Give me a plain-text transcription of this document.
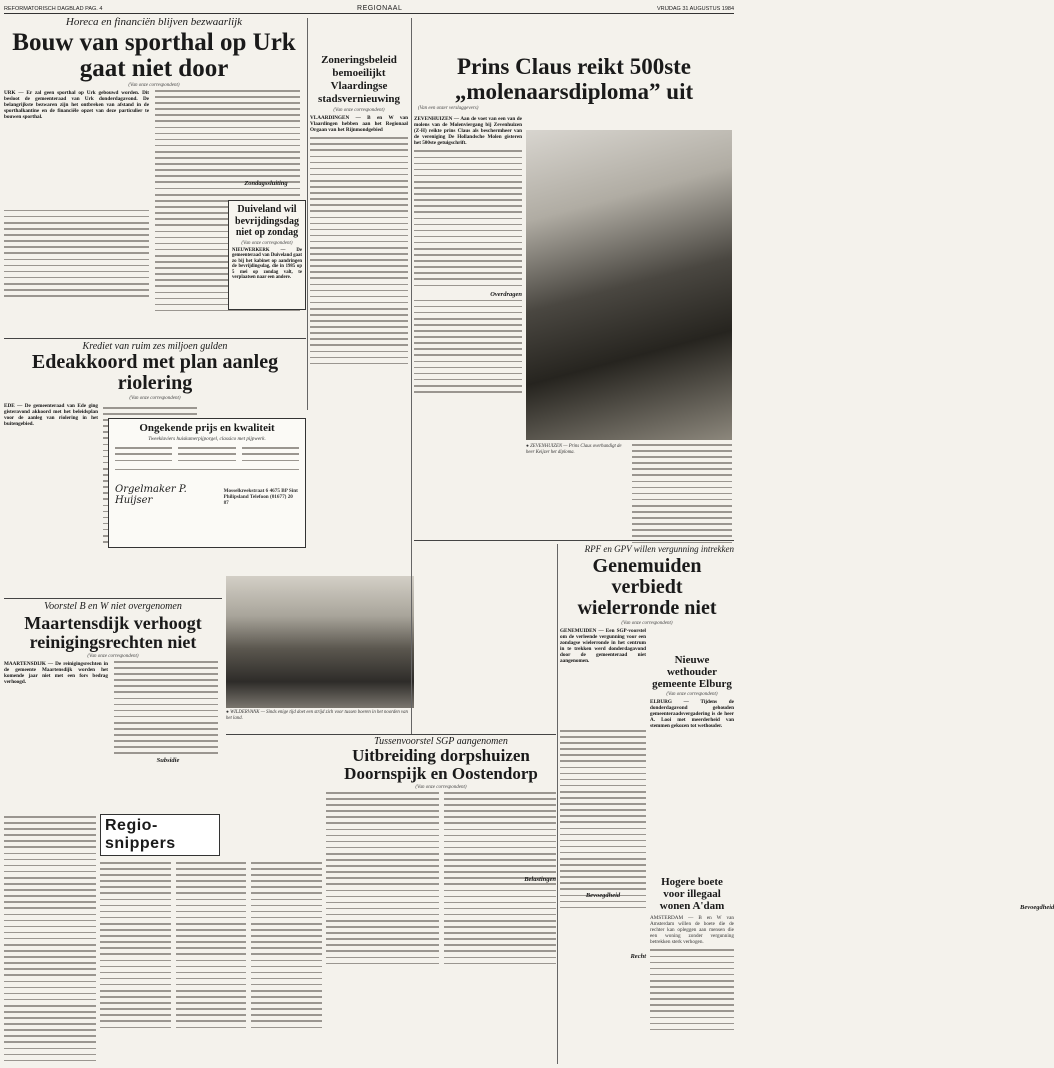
REFORMATORISCH DAGBLAD PAG. 4	REGIONAAL	VRIJDAG 31 AUGUSTUS 1984
Horeca en financiën blijven bezwaarlijk
Bouw van sporthal op Urk gaat niet door
(Van onze correspondent)
URK — Er zal geen sporthal op Urk gebouwd worden. Dit besloot de gemeenteraad van Urk donderdagavond. De belangrijkste bezwaren zijn het ontbreken van afstand in de sporthalkantine en de financiële opzet van deze particulier te bouwen sporthal.
Zondagssluiting
Zoneringsbeleid bemoeilijkt Vlaardingse stadsvernieuwing
(Van onze correspondent)
VLAARDINGEN — B en W van Vlaardingen hebben aan het Regionaal Orgaan van het Rijnmondgebied
Duiveland wil bevrijdingsdag niet op zondag
(Van onze correspondent)
NIEUWERKERK — De gemeenteraad van Duiveland gaat zo bij het kabinet op aandringen de bevrijdingsdag, die in 1985 op 5 mei op zondag valt, te verplaatsen naar een andere.
Krediet van ruim zes miljoen gulden
Edeakkoord met plan aanleg riolering
(Van onze correspondent)
EDE — De gemeenteraad van Ede ging gisteravond akkoord met het beleidsplan voor de aanleg van riolering in het buitengebied.	Ongekende prijs en kwaliteit
Tweeklaviers huiskamerpijporgel, classico met pijpwerk.
Orgelmaker P. Huijser
Mosselkreekstraat 6 4675 BP Sint Philipsland Telefoon (01677) 20 87
Voorstel B en W niet overgenomen
Maartensdijk verhoogt reinigingsrechten niet
(Van onze correspondent)
MAARTENSDIJK — De reinigingsrechten in de gemeente Maartensdijk worden het komende jaar niet met een fors bedrag verhoogd.
Subsidie
● WILDERVANK — Sinds enige tijd doet een strijd zich voor tussen boeren in het noorden van het land.
Prins Claus reikt 500ste „molenaarsdiploma” uit
(Van een onzer verslaggevers)
ZEVENHUIZEN — Aan de voet van een van de molens van de Molenviergang bij Zevenhuizen (Z-H) reikte prins Claus als beschermheer van de vereniging De Hollandsche Molen gisteren het 500ste getuigschrift.
Overdragen
● ZEVENHUIZEN — Prins Claus overhandigt de heer Keijzer het diploma.
Regio-snippers
Tussenvoorstel SGP aangenomen
Uitbreiding dorpshuizen Doornspijk en Oostendorp
(Van onze correspondent)
Belastingen
Bevoegdheid
RPF en GPV willen vergunning intrekken
Genemuiden verbiedt wielerronde niet
(Van onze correspondent)
GENEMUIDEN — Een SGP-voorstel om de verleende vergunning voor een zondagse wielerronde in het centrum in te trekken werd donderdagavond door de gemeenteraad niet aangenomen.
Bevoegdheid
Recht
Nieuwe wethouder gemeente Elburg
(Van onze correspondent)
ELBURG — Tijdens de donderdagavond gehouden gemeenteraadsvergadering is de heer A. Looi met meerderheid van stemmen gekozen tot wethouder.
Hogere boete voor illegaal wonen A'dam
AMSTERDAM — B en W van Amsterdam willen de boete die de rechter kan opleggen aan mensen die een woning zonder vergunning betrekken sterk verhogen.
